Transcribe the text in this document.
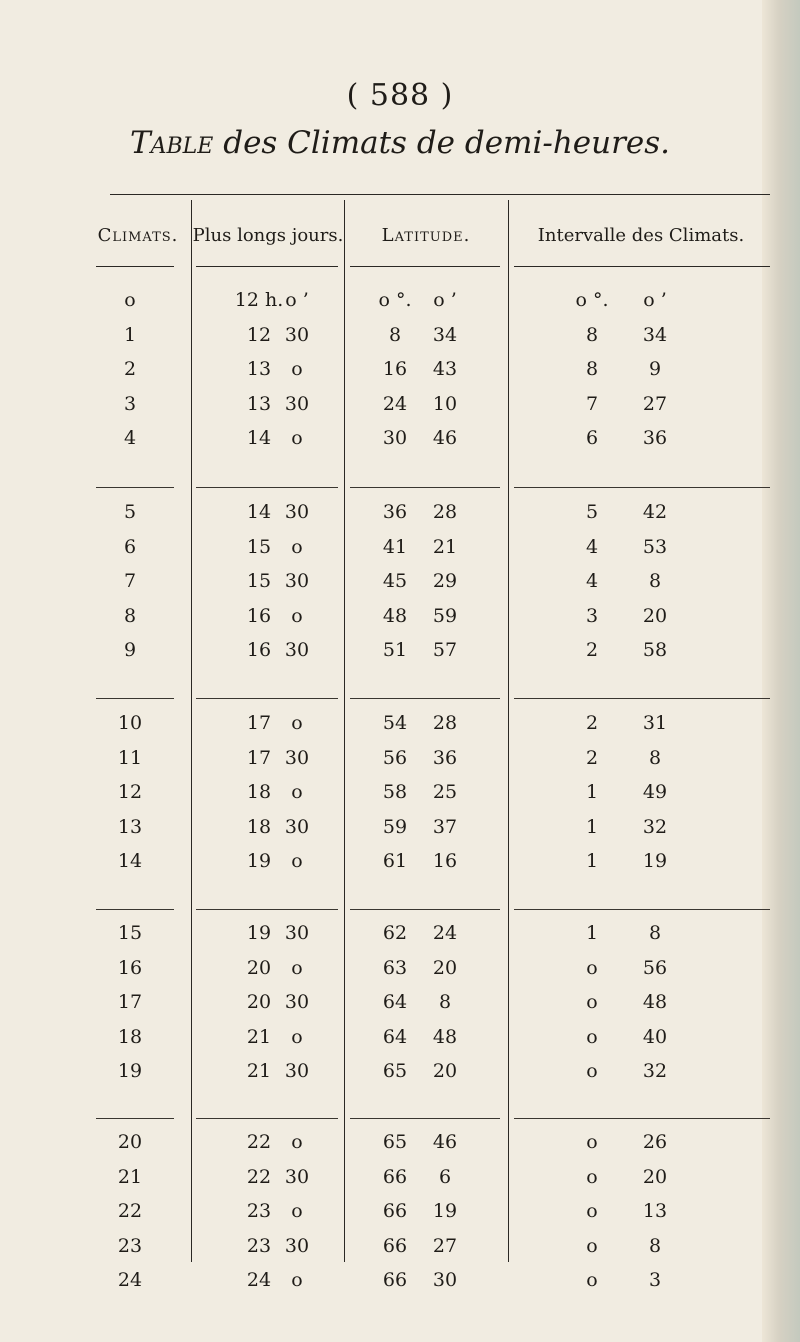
( 588 )
Table des Climats de demi-heures.
Climats. Plus longs jours.	Latitude.	Intervalle des Climats.
o	12 h. o ’	o °.	o ’	o °.	o ’
1	12 30	8	34	8	34
2	13	o	16	43	8	9
3	13 30	24	10	7	27
4	14	o	30	46	6	36
5	14 30	36	28	5	42
6	15	o	41	21	4	53
7	15 30	45	29	4	8
8	16	o	48	59	3	20
9	16 30	51	57	2	58
10	17	o	54	28	2	31
11	17 30	56	36	2	8
12	18	o	58	25	1	49
13	18 30	59	37	1	32
14	19	o	61	16	1	19
15	19 30	62	24	1	8
16	20	o	63	20	o	56
17	20 30	64	8	o	48
18	21	o	64	48	o	40
19	21 30	65	20	o	32
20	22	o	65	46	o	26
21	22 30	66	6	o	20
22	23	o	66	19	o	13
23	23 30	66	27	o	8
24	24	o	66	30	o	3
